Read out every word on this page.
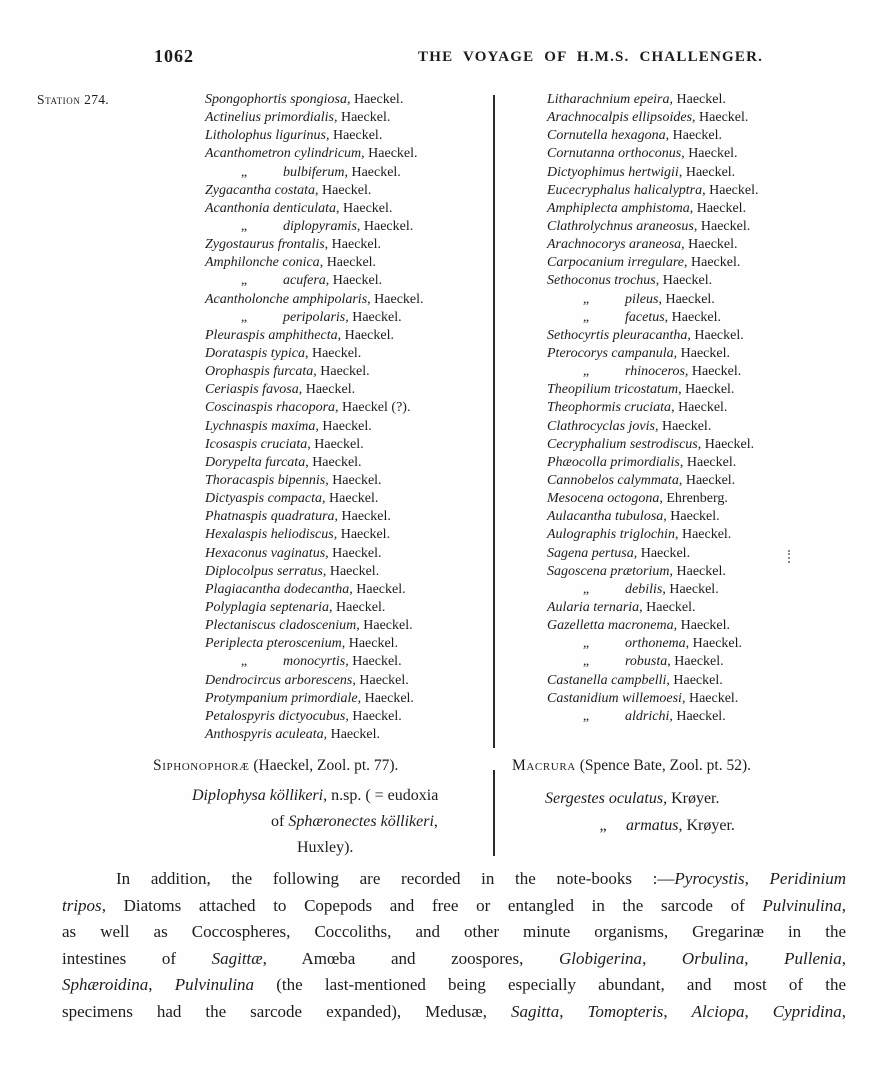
1062	THE VOYAGE OF H.M.S. CHALLENGER.
Station 274.	Spongophortis spongiosa, Haeckel.
Actinelius primordialis, Haeckel.
Litholophus ligurinus, Haeckel.
Acanthometron cylindricum, Haeckel.
„	bulbiferum, Haeckel.
Zygacantha costata, Haeckel.
Acanthonia denticulata, Haeckel.
„	diplopyramis, Haeckel.
Zygostaurus frontalis, Haeckel.
Amphilonche conica, Haeckel.
„	acufera, Haeckel.
Acantholonche amphipolaris, Haeckel.
„	peripolaris, Haeckel.
Pleuraspis amphithecta, Haeckel.
Dorataspis typica, Haeckel.
Orophaspis furcata, Haeckel.
Ceriaspis favosa, Haeckel.
Coscinaspis rhacopora, Haeckel (?).
Lychnaspis maxima, Haeckel.
Icosaspis cruciata, Haeckel.
Dorypelta furcata, Haeckel.
Thoracaspis bipennis, Haeckel.
Dictyaspis compacta, Haeckel.
Phatnaspis quadratura, Haeckel.
Hexalaspis heliodiscus, Haeckel.
Hexaconus vaginatus, Haeckel.
Diplocolpus serratus, Haeckel.
Plagiacantha dodecantha, Haeckel.
Polyplagia septenaria, Haeckel.
Plectaniscus cladoscenium, Haeckel.
Periplecta pteroscenium, Haeckel.
„	monocyrtis, Haeckel.
Dendrocircus arborescens, Haeckel.
Protympanium primordiale, Haeckel.
Petalospyris dictyocubus, Haeckel.
Anthospyris aculeata, Haeckel.
Litharachnium epeira, Haeckel.
Arachnocalpis ellipsoides, Haeckel.
Cornutella hexagona, Haeckel.
Cornutanna orthoconus, Haeckel.
Dictyophimus hertwigii, Haeckel.
Eucecryphalus halicalyptra, Haeckel.
Amphiplecta amphistoma, Haeckel.
Clathrolychnus araneosus, Haeckel.
Arachnocorys araneosa, Haeckel.
Carpocanium irregulare, Haeckel.
Sethoconus trochus, Haeckel.
„	pileus, Haeckel.
„	facetus, Haeckel.
Sethocyrtis pleuracantha, Haeckel.
Pterocorys campanula, Haeckel.
„	rhinoceros, Haeckel.
Theopilium tricostatum, Haeckel.
Theophormis cruciata, Haeckel.
Clathrocyclas jovis, Haeckel.
Cecryphalium sestrodiscus, Haeckel.
Phæocolla primordialis, Haeckel.
Cannobelos calymmata, Haeckel.
Mesocena octogona, Ehrenberg.
Aulacantha tubulosa, Haeckel.
Aulographis triglochin, Haeckel.
Sagena pertusa, Haeckel.
Sagoscena prætorium, Haeckel.
„	debilis, Haeckel.
Aularia ternaria, Haeckel.
Gazelletta macronema, Haeckel.
„	orthonema, Haeckel.
„	robusta, Haeckel.
Castanella campbelli, Haeckel.
Castanidium willemoesi, Haeckel.
„	aldrichi, Haeckel.
Siphonophoræ (Haeckel, Zool. pt. 77).
Diplophysa köllikeri, n.sp. ( = eudoxia
of Sphæronectes köllikeri,
Huxley).
Macrura (Spence Bate, Zool. pt. 52).
Sergestes oculatus, Krøyer.
„ armatus, Krøyer.
In addition, the following are recorded in the note-books :—Pyrocystis, Peridinium
tripos, Diatoms attached to Copepods and free or entangled in the sarcode of Pulvinulina,
as well as Coccospheres, Coccoliths, and other minute organisms, Gregarinæ in the
intestines of Sagittæ, Amœba and zoospores, Globigerina, Orbulina, Pullenia,
Sphæroidina, Pulvinulina (the last-mentioned being especially abundant, and most of the
specimens had the sarcode expanded), Medusæ, Sagitta, Tomopteris, Alciopa, Cypridina,
